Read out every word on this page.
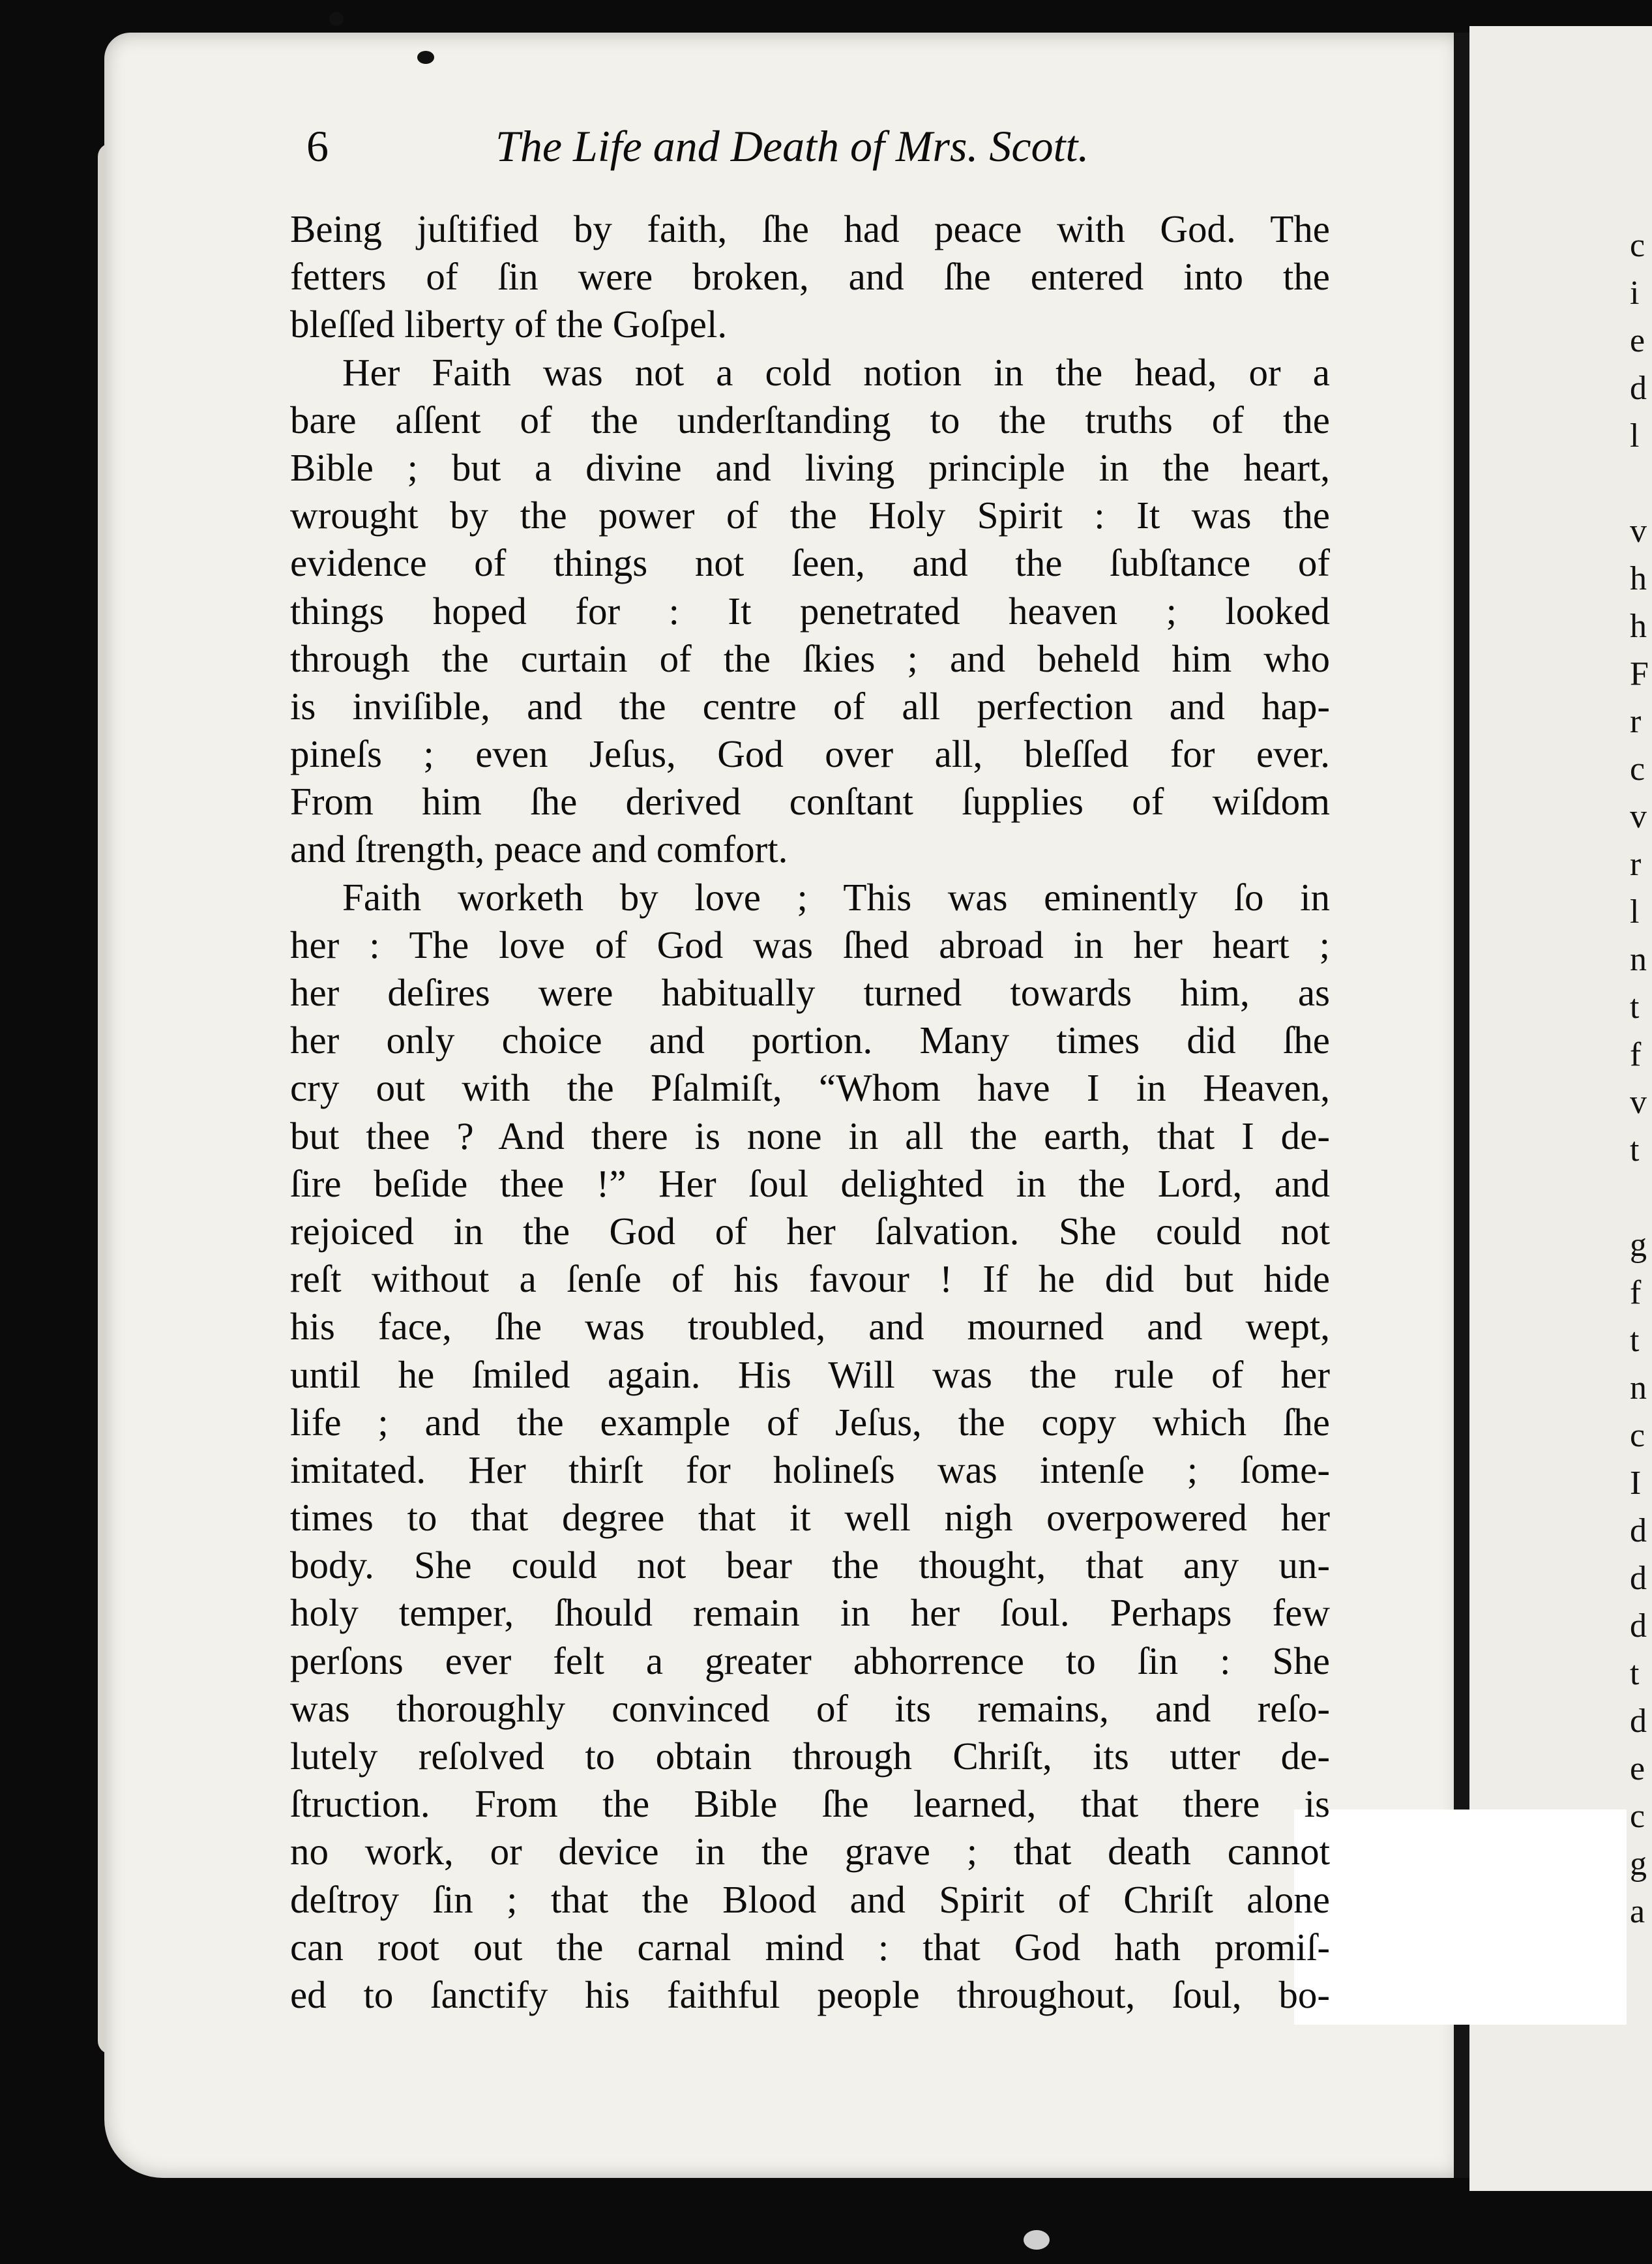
c
i
e
d
l
v
h
h
F
r
c
v
r
l
n
t
f
v
t
g
f
t
n
c
I
d
d
d
t
d
e
c
g
a
6	The Life and Death of Mrs. Scott.
Being juſtified by faith, ſhe had peace with God. The
fetters of ſin were broken, and ſhe entered into the
bleſſed liberty of the Goſpel.
Her Faith was not a cold notion in the head, or a
bare aſſent of the underſtanding to the truths of the
Bible ; but a divine and living principle in the heart,
wrought by the power of the Holy Spirit : It was the
evidence of things not ſeen, and the ſubſtance of
things hoped for : It penetrated heaven ; looked
through the curtain of the ſkies ; and beheld him who
is inviſible, and the centre of all perfection and hap-
pineſs ; even Jeſus, God over all, bleſſed for ever.
From him ſhe derived conſtant ſupplies of wiſdom
and ſtrength, peace and comfort.
Faith worketh by love ; This was eminently ſo in
her : The love of God was ſhed abroad in her heart ;
her deſires were habitually turned towards him, as
her only choice and portion. Many times did ſhe
cry out with the Pſalmiſt, “Whom have I in Heaven,
but thee ? And there is none in all the earth, that I de-
ſire beſide thee !” Her ſoul delighted in the Lord, and
rejoiced in the God of her ſalvation. She could not
reſt without a ſenſe of his favour ! If he did but hide
his face, ſhe was troubled, and mourned and wept,
until he ſmiled again. His Will was the rule of her
life ; and the example of Jeſus, the copy which ſhe
imitated. Her thirſt for holineſs was intenſe ; ſome-
times to that degree that it well nigh overpowered her
body. She could not bear the thought, that any un-
holy temper, ſhould remain in her ſoul. Perhaps few
perſons ever felt a greater abhorrence to ſin : She
was thoroughly convinced of its remains, and reſo-
lutely reſolved to obtain through Chriſt, its utter de-
ſtruction. From the Bible ſhe learned, that there is
no work, or device in the grave ; that death cannot
deſtroy ſin ; that the Blood and Spirit of Chriſt alone
can root out the carnal mind : that God hath promiſ-
ed to ſanctify his faithful people throughout, ſoul, bo-
